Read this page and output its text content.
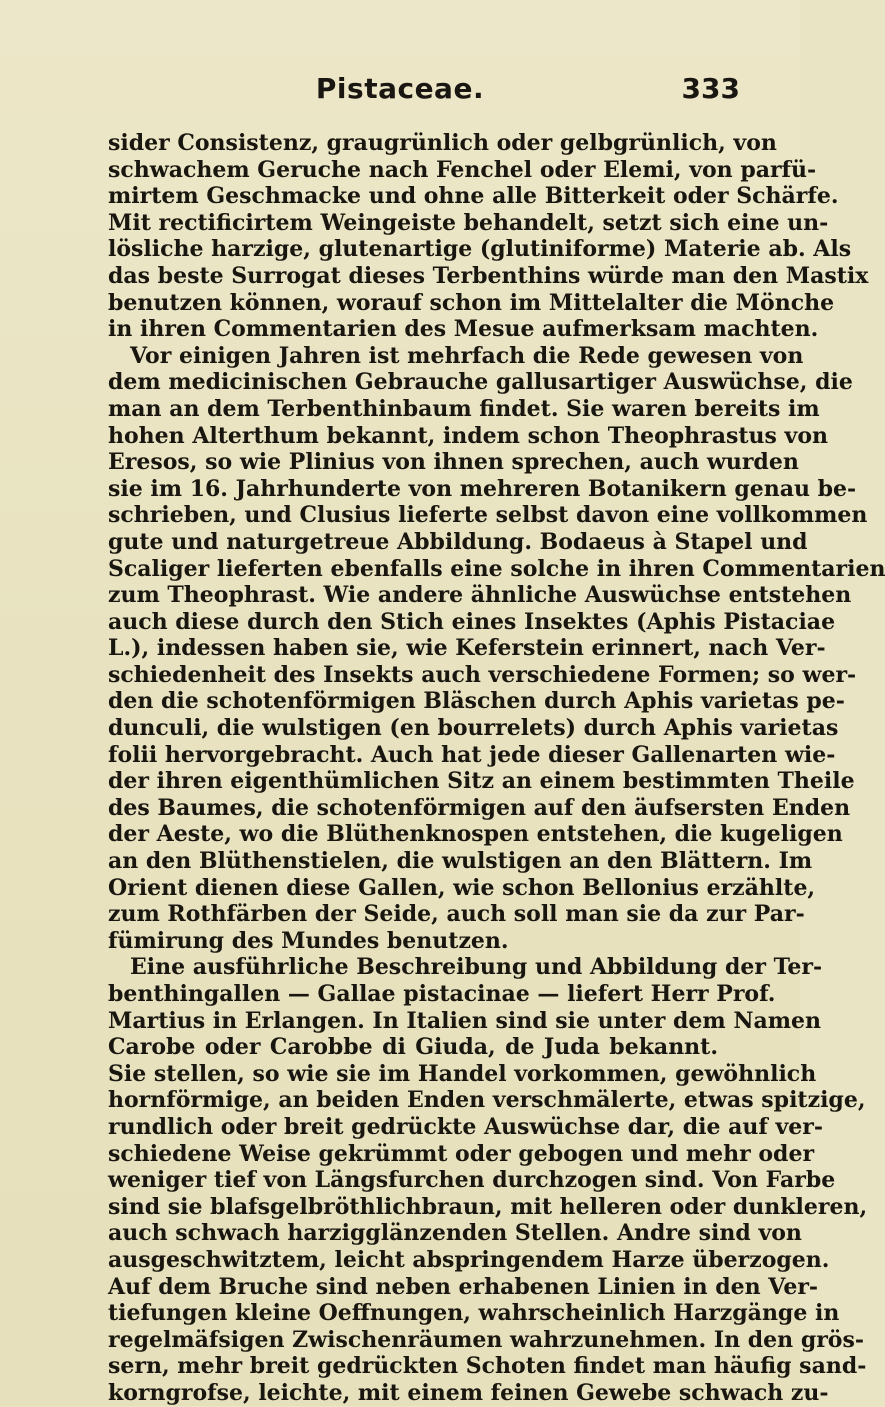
Pistaceae.	333
sider Consistenz, graugrünlich oder gelbgrünlich, von
schwachem Geruche nach Fenchel oder Elemi, von parfü-
mirtem Geschmacke und ohne alle Bitterkeit oder Schärfe.
Mit rectificirtem Weingeiste behandelt, setzt sich eine un-
lösliche harzige, glutenartige (glutiniforme) Materie ab. Als
das beste Surrogat dieses Terbenthins würde man den Mastix
benutzen können, worauf schon im Mittelalter die Mönche
in ihren Commentarien des Mesue aufmerksam machten.
Vor einigen Jahren ist mehrfach die Rede gewesen von
dem medicinischen Gebrauche gallusartiger Auswüchse, die
man an dem Terbenthinbaum findet. Sie waren bereits im
hohen Alterthum bekannt, indem schon Theophrastus von
Eresos, so wie Plinius von ihnen sprechen, auch wurden
sie im 16. Jahrhunderte von mehreren Botanikern genau be-
schrieben, und Clusius lieferte selbst davon eine vollkommen
gute und naturgetreue Abbildung. Bodaeus à Stapel und
Scaliger lieferten ebenfalls eine solche in ihren Commentarien
zum Theophrast. Wie andere ähnliche Auswüchse entstehen
auch diese durch den Stich eines Insektes (Aphis Pistaciae
L.), indessen haben sie, wie Keferstein erinnert, nach Ver-
schiedenheit des Insekts auch verschiedene Formen; so wer-
den die schotenförmigen Bläschen durch Aphis varietas pe-
dunculi, die wulstigen (en bourrelets) durch Aphis varietas
folii hervorgebracht. Auch hat jede dieser Gallenarten wie-
der ihren eigenthümlichen Sitz an einem bestimmten Theile
des Baumes, die schotenförmigen auf den äufsersten Enden
der Aeste, wo die Blüthenknospen entstehen, die kugeligen
an den Blüthenstielen, die wulstigen an den Blättern. Im
Orient dienen diese Gallen, wie schon Bellonius erzählte,
zum Rothfärben der Seide, auch soll man sie da zur Par-
fümirung des Mundes benutzen.
Eine ausführliche Beschreibung und Abbildung der Ter-
benthingallen — Gallae pistacinae — liefert Herr Prof.
Martius in Erlangen. In Italien sind sie unter dem Namen
Carobe oder Carobbe di Giuda, de Juda bekannt.
Sie stellen, so wie sie im Handel vorkommen, gewöhnlich
hornförmige, an beiden Enden verschmälerte, etwas spitzige,
rundlich oder breit gedrückte Auswüchse dar, die auf ver-
schiedene Weise gekrümmt oder gebogen und mehr oder
weniger tief von Längsfurchen durchzogen sind. Von Farbe
sind sie blafsgelbröthlichbraun, mit helleren oder dunkleren,
auch schwach harzigglänzenden Stellen. Andre sind von
ausgeschwitztem, leicht abspringendem Harze überzogen.
Auf dem Bruche sind neben erhabenen Linien in den Ver-
tiefungen kleine Oeffnungen, wahrscheinlich Harzgänge in
regelmäfsigen Zwischenräumen wahrzunehmen. In den grös-
sern, mehr breit gedrückten Schoten findet man häufig sand-
korngrofse, leichte, mit einem feinen Gewebe schwach zu-
